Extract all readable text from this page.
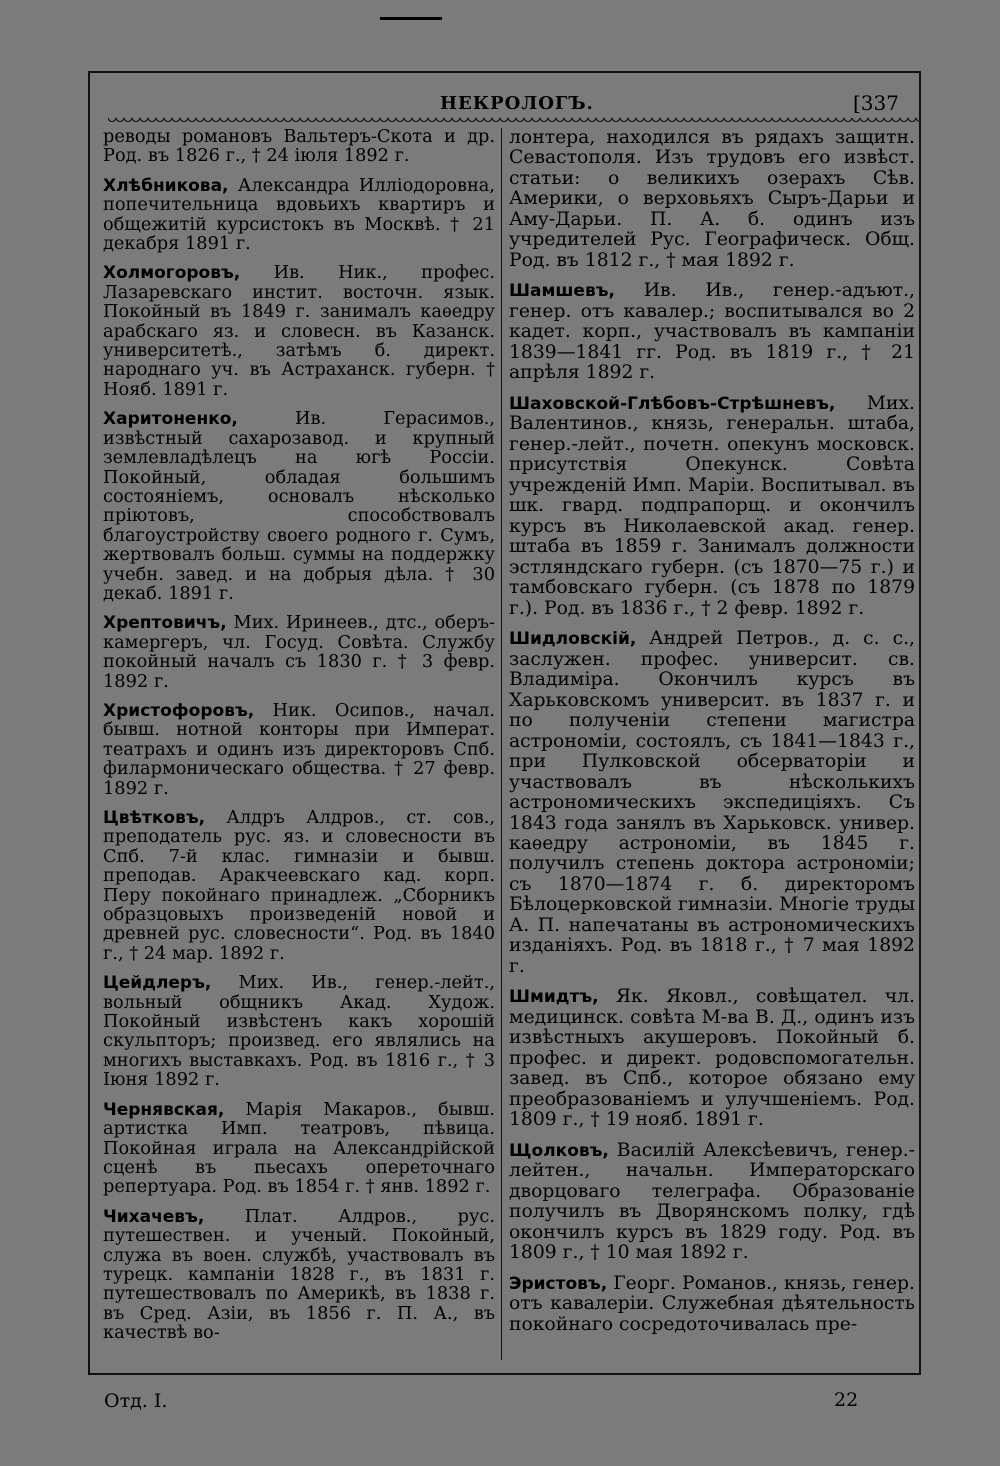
НЕКРОЛОГЪ.	[337

реводы романовъ Вальтеръ-Скота и др. Род. въ 1826 г., † 24 іюля 1892 г.

Хлѣбникова, Александра Илліодоровна, попечительница вдовьихъ квартиръ и общежитій курсистокъ въ Москвѣ. † 21 декабря 1891 г.

Холмогоровъ, Ив. Ник., профес. Лазаревскаго инстит. восточн. язык. Покойный въ 1849 г. занималъ каѳедру арабскаго яз. и словесн. въ Казанск. университетѣ., затѣмъ б. директ. народнаго уч. въ Астраханск. губерн. † Нояб. 1891 г.

Харитоненко, Ив. Герасимов., извѣстный сахарозавод. и крупный землевладѣлецъ на югѣ Россіи. Покойный, обладая большимъ состояніемъ, основалъ нѣсколько пріютовъ, способствовалъ благоустройству своего родного г. Сумъ, жертвовалъ больш. суммы на поддержку учебн. завед. и на добрыя дѣла. † 30 декаб. 1891 г.

Хрептовичъ, Мих. Иринеев., дтс., оберъ-камергеръ, чл. Госуд. Совѣта. Службу покойный началъ съ 1830 г. † 3 февр. 1892 г.

Христофоровъ, Ник. Осипов., начал. бывш. нотной конторы при Императ. театрахъ и одинъ изъ директоровъ Спб. филармоническаго общества. † 27 февр. 1892 г.

Цвѣтковъ, Алдръ Алдров., ст. сов., преподатель рус. яз. и словесности въ Спб. 7-й клас. гимназіи и бывш. преподав. Аракчеевскаго кад. корп. Перу покойнаго принадлеж. „Сборникъ образцовыхъ произведеній новой и древней рус. словесности“. Род. въ 1840 г., † 24 мар. 1892 г.

Цейдлеръ, Мих. Ив., генер.-лейт., вольный общникъ Акад. Худож. Покойный извѣстенъ какъ хорошій скульпторъ; произвед. его являлись на многихъ выставкахъ. Род. въ 1816 г., † 3 Іюня 1892 г.

Чернявская, Марія Макаров., бывш. артистка Имп. театровъ, пѣвица. Покойная играла на Александрійской сценѣ въ пьесахъ опереточнаго репертуара. Род. въ 1854 г. † янв. 1892 г.

Чихачевъ, Плат. Алдров., рус. путешествен. и ученый. Покойный, служа въ воен. службѣ, участвовалъ въ турецк. кампаніи 1828 г., въ 1831 г. путешествовалъ по Америкѣ, въ 1838 г. въ Сред. Азіи, въ 1856 г. П. А., въ качествѣ во-

лонтера, находился въ рядахъ защитн. Севастополя. Изъ трудовъ его извѣст. статьи: о великихъ озерахъ Сѣв. Америки, о верховьяхъ Сыръ-Дарьи и Аму-Дарьи. П. А. б. одинъ изъ учредителей Рус. Географическ. Общ. Род. въ 1812 г., † мая 1892 г.

Шамшевъ, Ив. Ив., генер.-адъют., генер. отъ кавалер.; воспитывался во 2 кадет. корп., участвовалъ въ кампаніи 1839—1841 гг. Род. въ 1819 г., † 21 апрѣля 1892 г.

Шаховской-Глѣбовъ-Стрѣшневъ, Мих. Валентинов., князь, генеральн. штаба, генер.-лейт., почетн. опекунъ московск. присутствія Опекунск. Совѣта учрежденій Имп. Маріи. Воспитывал. въ шк. гвард. подпрапорщ. и окончилъ курсъ въ Николаевской акад. генер. штаба въ 1859 г. Занималъ должности эстляндскаго губерн. (съ 1870—75 г.) и тамбовскаго губерн. (съ 1878 по 1879 г.). Род. въ 1836 г., † 2 февр. 1892 г.

Шидловскій, Андрей Петров., д. с. с., заслужен. профес. университ. св. Владиміра. Окончилъ курсъ въ Харьковскомъ университ. въ 1837 г. и по полученіи степени магистра астрономіи, состоялъ, съ 1841—1843 г., при Пулковской обсерваторіи и участвовалъ въ нѣсколькихъ астрономическихъ экспедиціяхъ. Съ 1843 года занялъ въ Харьковск. универ. каѳедру астрономіи, въ 1845 г. получилъ степень доктора астрономіи; съ 1870—1874 г. б. директоромъ Бѣлоцерковской гимназіи. Многіе труды А. П. напечатаны въ астрономическихъ изданіяхъ. Род. въ 1818 г., † 7 мая 1892 г.

Шмидтъ, Як. Яковл., совѣщател. чл. медицинск. совѣта М-ва В. Д., одинъ изъ извѣстныхъ акушеровъ. Покойный б. профес. и директ. родовспомогательн. завед. въ Спб., которое обязано ему преобразованіемъ и улучшеніемъ. Род. 1809 г., † 19 нояб. 1891 г.

Щолковъ, Василій Алексѣевичъ, генер.-лейтен., начальн. Императорскаго дворцоваго телеграфа. Образованіе получилъ въ Дворянскомъ полку, гдѣ окончилъ курсъ въ 1829 году. Род. въ 1809 г., † 10 мая 1892 г.

Эристовъ, Георг. Романов., князь, генер. отъ кавалеріи. Служебная дѣятельность покойнаго сосредоточивалась пре-

Отд. I.	22
